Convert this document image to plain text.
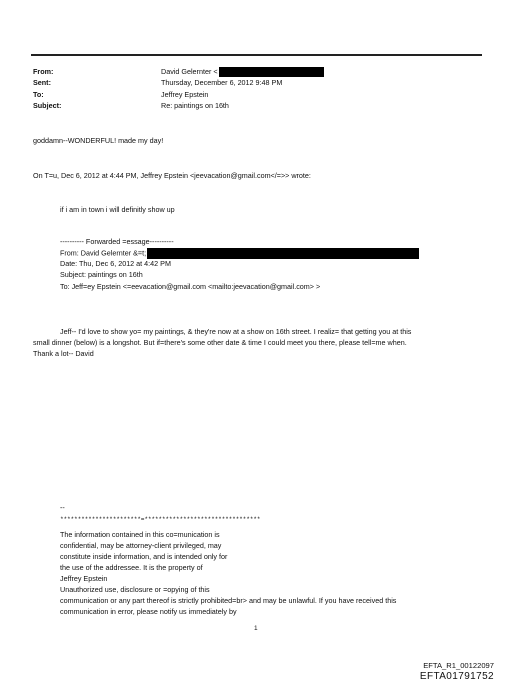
From:	David Gelernter <
Sent:	Thursday, December 6, 2012 9:48 PM
To:	Jeffrey Epstein
Subject:	Re: paintings on 16th
goddamn--WONDERFUL! made my day!
On T=u, Dec 6, 2012 at 4:44 PM, Jeffrey Epstein <jeevacation@gmail.com</=>> wrote:
if i am in town i will definitly show up
---------- Forwarded =essage----------
From: David Gelernter &=t;
Date: Thu, Dec 6, 2012 at 4:42 PM
Subject: paintings on 16th
To: Jeff=ey Epstein <=eevacation@gmail.com <mailto:jeevacation@gmail.com> >
Jeff-- I'd love to show yo= my paintings, & they're now at a show on 16th street. I realiz= that getting you at this
small dinner (below) is a longshot. But if=there's some other date & time I could meet you there, please tell=me when.
Thank a lot-- David
--
***********************=*********************************
The information contained in this co=munication is
confidential, may be attorney-client privileged, may
constitute inside information, and is intended only for
the use of the addressee. It is the property of
Jeffrey Epstein
Unauthorized use, disclosure or =opying of this
communication or any part thereof is strictly prohibited=br> and may be unlawful. If you have received this
communication in error, please notify us immediately by
1
EFTA_R1_00122097
EFTA01791752
